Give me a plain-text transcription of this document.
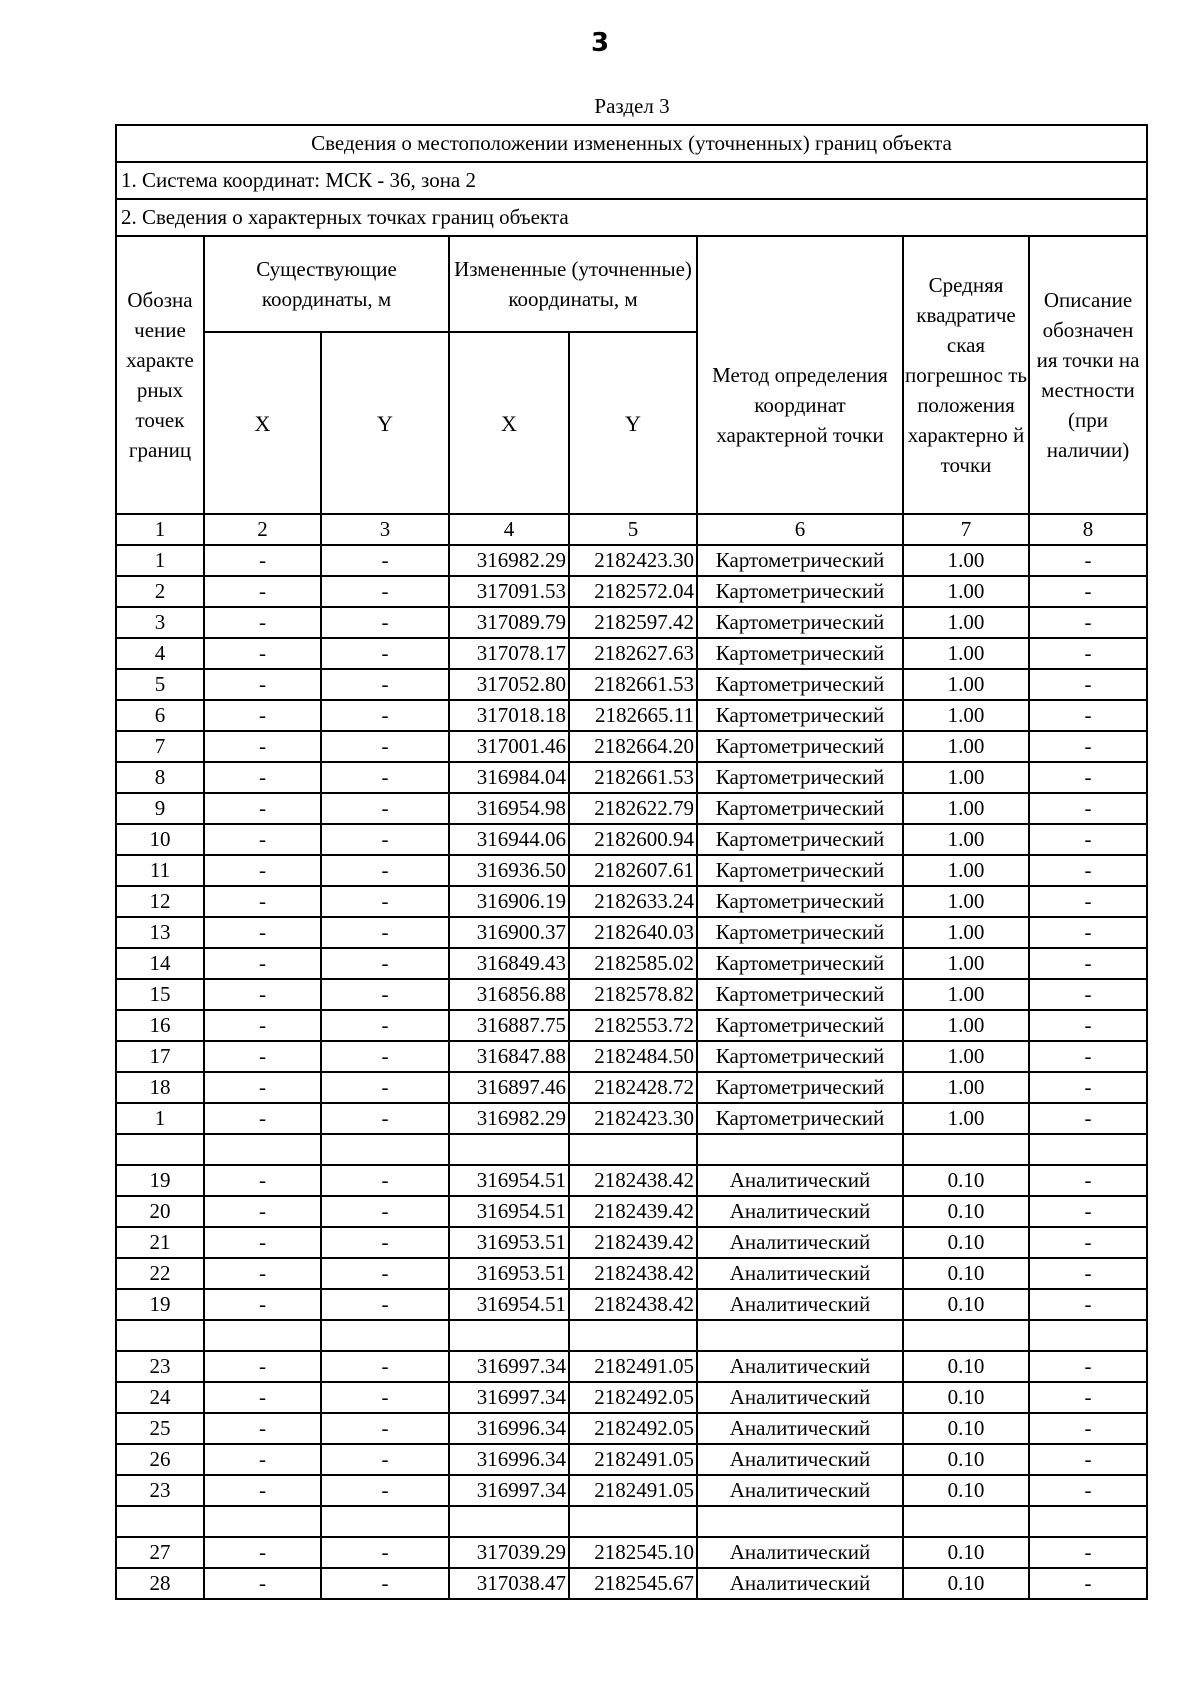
3
Раздел 3
Сведения о местоположении измененных (уточненных) границ объекта							
1. Система координат: МСК - 36, зона 2							
2. Сведения о характерных точках границ объекта							
Обозна чение характе рных точек границ	Существующие координаты, м		Измененные (уточненные) координаты, м		Метод определения координат характерной точки	Средняя квадратиче ская погрешнос ть положения характерно й точки	Описание обозначен ия точки на местности (при наличии)
	X	Y	X	Y			
1	2	3	4	5	6	7	8
1	-	-	316982.29	2182423.30	Картометрический	1.00	-
2	-	-	317091.53	2182572.04	Картометрический	1.00	-
3	-	-	317089.79	2182597.42	Картометрический	1.00	-
4	-	-	317078.17	2182627.63	Картометрический	1.00	-
5	-	-	317052.80	2182661.53	Картометрический	1.00	-
6	-	-	317018.18	2182665.11	Картометрический	1.00	-
7	-	-	317001.46	2182664.20	Картометрический	1.00	-
8	-	-	316984.04	2182661.53	Картометрический	1.00	-
9	-	-	316954.98	2182622.79	Картометрический	1.00	-
10	-	-	316944.06	2182600.94	Картометрический	1.00	-
11	-	-	316936.50	2182607.61	Картометрический	1.00	-
12	-	-	316906.19	2182633.24	Картометрический	1.00	-
13	-	-	316900.37	2182640.03	Картометрический	1.00	-
14	-	-	316849.43	2182585.02	Картометрический	1.00	-
15	-	-	316856.88	2182578.82	Картометрический	1.00	-
16	-	-	316887.75	2182553.72	Картометрический	1.00	-
17	-	-	316847.88	2182484.50	Картометрический	1.00	-
18	-	-	316897.46	2182428.72	Картометрический	1.00	-
1	-	-	316982.29	2182423.30	Картометрический	1.00	-

19	-	-	316954.51	2182438.42	Аналитический	0.10	-
20	-	-	316954.51	2182439.42	Аналитический	0.10	-
21	-	-	316953.51	2182439.42	Аналитический	0.10	-
22	-	-	316953.51	2182438.42	Аналитический	0.10	-
19	-	-	316954.51	2182438.42	Аналитический	0.10	-

23	-	-	316997.34	2182491.05	Аналитический	0.10	-
24	-	-	316997.34	2182492.05	Аналитический	0.10	-
25	-	-	316996.34	2182492.05	Аналитический	0.10	-
26	-	-	316996.34	2182491.05	Аналитический	0.10	-
23	-	-	316997.34	2182491.05	Аналитический	0.10	-

27	-	-	317039.29	2182545.10	Аналитический	0.10	-
28	-	-	317038.47	2182545.67	Аналитический	0.10	-
